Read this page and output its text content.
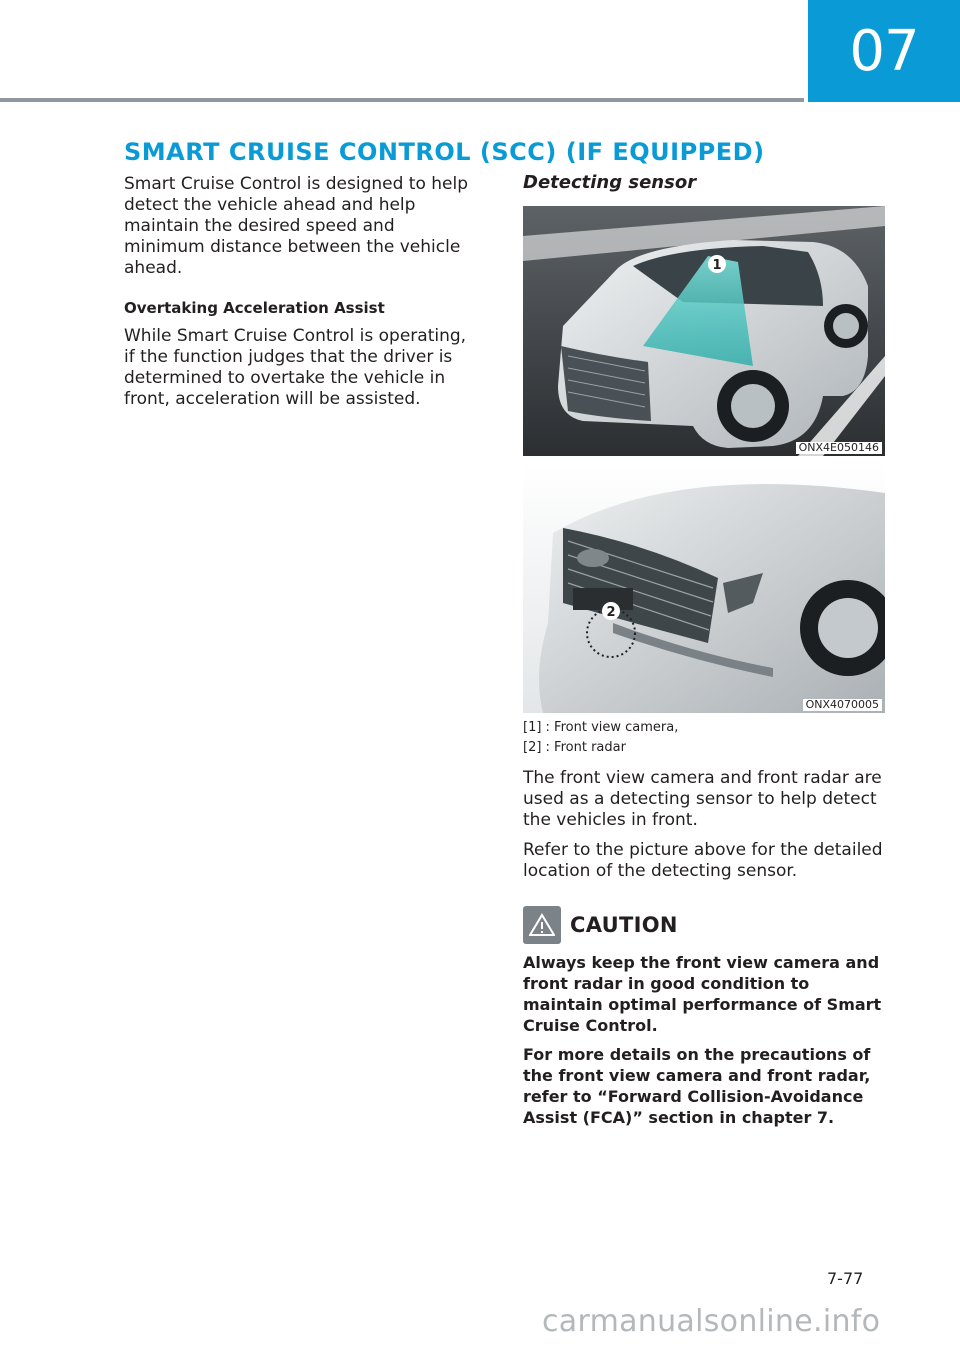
07
SMART CRUISE CONTROL (SCC) (IF EQUIPPED)

Smart Cruise Control is designed to help detect the vehicle ahead and help maintain the desired speed and minimum distance between the vehicle ahead.

Overtaking Acceleration Assist

While Smart Cruise Control is operating, if the function judges that the driver is determined to overtake the vehicle in front, acceleration will be assisted.

Detecting sensor

1
ONX4E050146
2
ONX4070005
[1] : Front view camera,
[2] : Front radar

The front view camera and front radar are used as a detecting sensor to help detect the vehicles in front.

Refer to the picture above for the detailed location of the detecting sensor.

CAUTION

Always keep the front view camera and front radar in good condition to maintain optimal performance of Smart Cruise Control.

For more details on the precautions of the front view camera and front radar, refer to “Forward Collision-Avoidance Assist (FCA)” section in chapter 7.

7-77
carmanualsonline.info
